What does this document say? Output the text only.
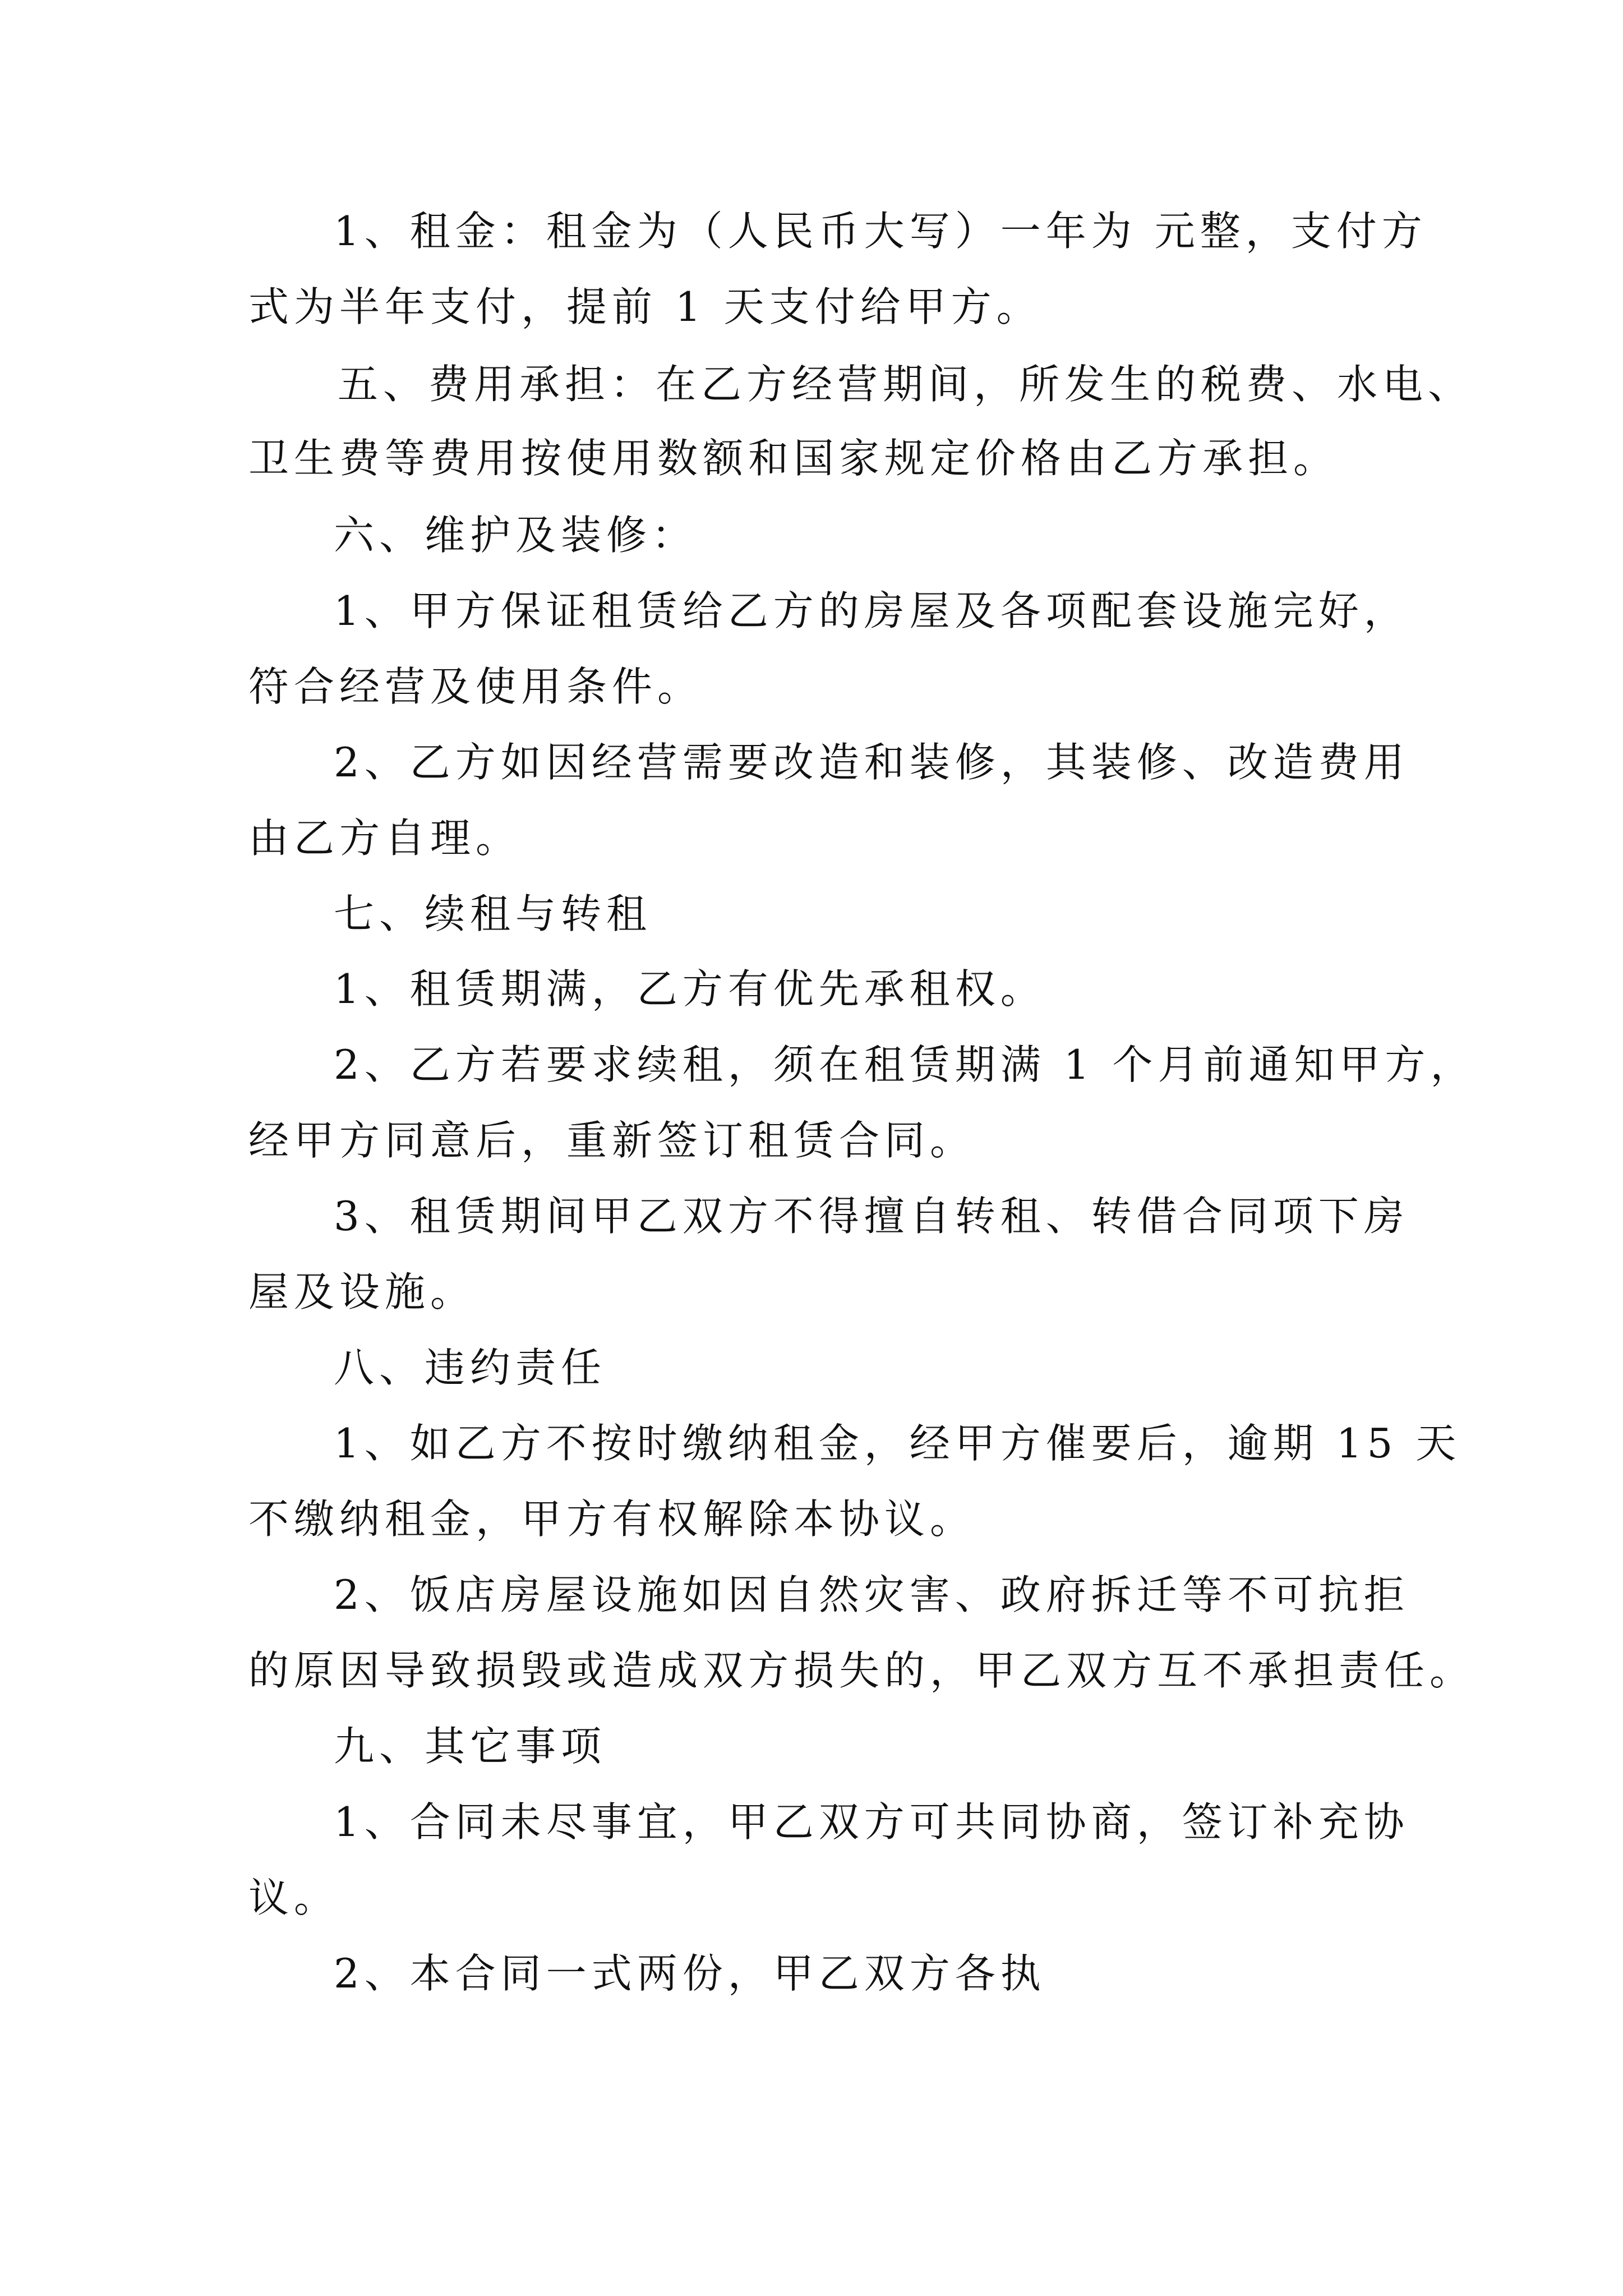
1、租金：租金为（人民币大写）一年为 元整，支付方
式为半年支付，提前 1 天支付给甲方。
五、费用承担：在乙方经营期间，所发生的税费、水电、
卫生费等费用按使用数额和国家规定价格由乙方承担。
六、维护及装修：
1、甲方保证租赁给乙方的房屋及各项配套设施完好，
符合经营及使用条件。
2、乙方如因经营需要改造和装修，其装修、改造费用
由乙方自理。
七、续租与转租
1、租赁期满，乙方有优先承租权。
2、乙方若要求续租，须在租赁期满 1 个月前通知甲方，
经甲方同意后，重新签订租赁合同。
3、租赁期间甲乙双方不得擅自转租、转借合同项下房
屋及设施。
八、违约责任
1、如乙方不按时缴纳租金，经甲方催要后，逾期 15 天
不缴纳租金，甲方有权解除本协议。
2、饭店房屋设施如因自然灾害、政府拆迁等不可抗拒
的原因导致损毁或造成双方损失的，甲乙双方互不承担责任。
九、其它事项
1、合同未尽事宜，甲乙双方可共同协商，签订补充协
议。
2、本合同一式两份，甲乙双方各执
